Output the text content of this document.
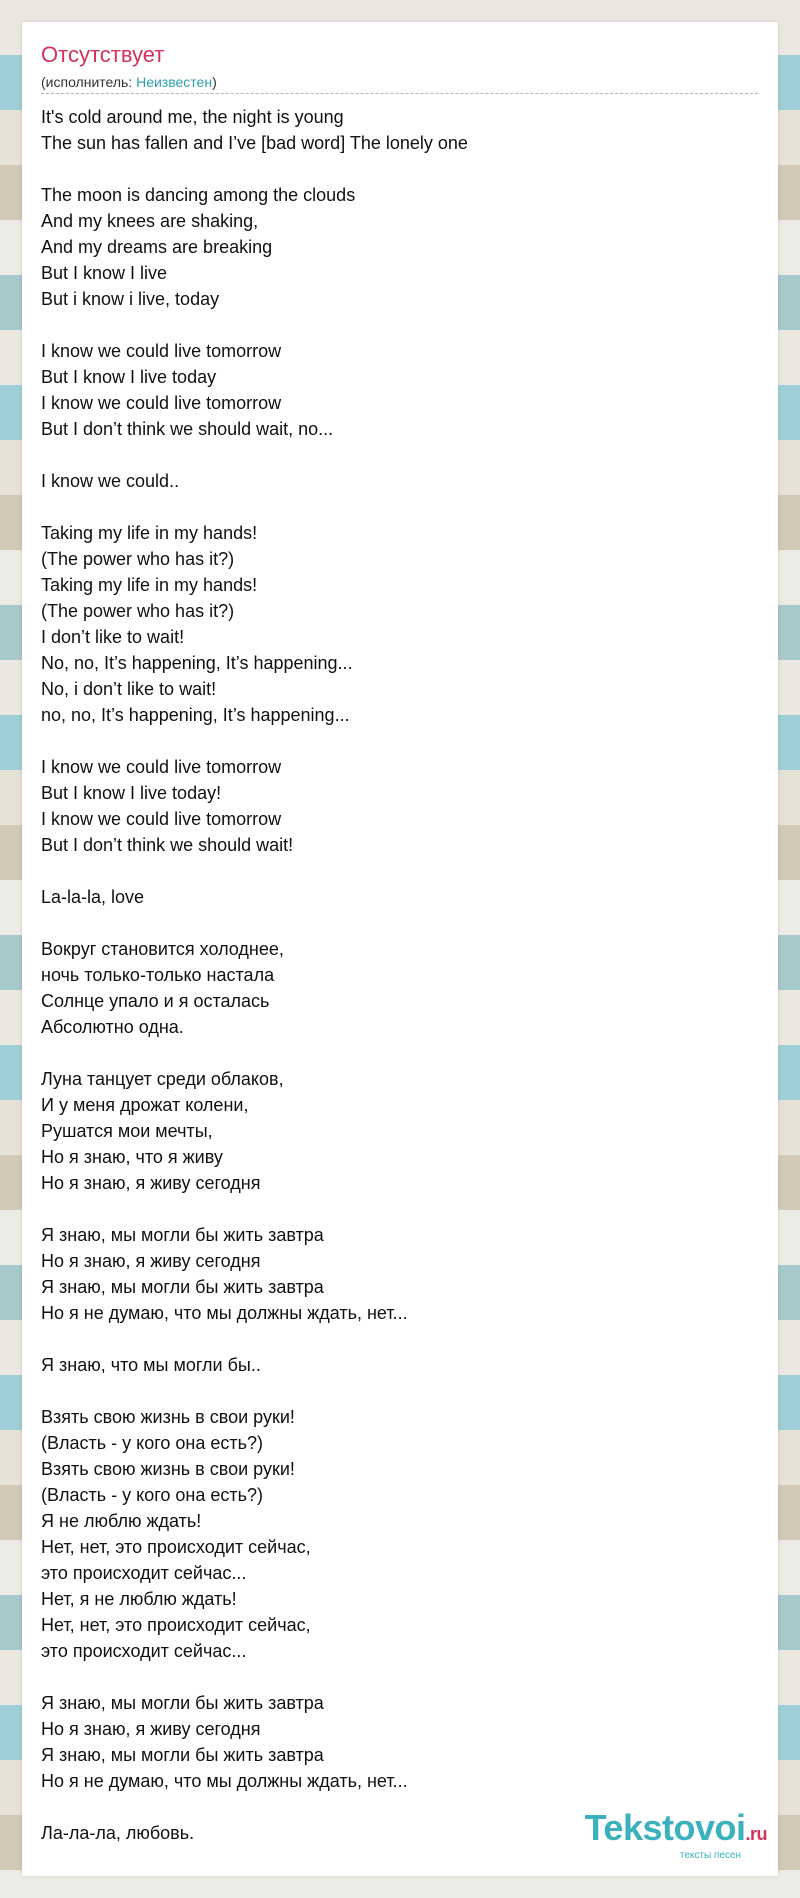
Отсутствует
(исполнитель: Неизвестен)
It's cold around me, the night is young
The sun has fallen and I’ve [bad word] The lonely one
The moon is dancing among the clouds
And my knees are shaking,
And my dreams are breaking
But I know I live
But i know i live, today
I know we could live tomorrow
But I know I live today
I know we could live tomorrow
But I don’t think we should wait, no...
I know we could..
Taking my life in my hands!
(The power who has it?)
Taking my life in my hands!
(The power who has it?)
I don’t like to wait!
No, no, It’s happening, It’s happening...
No, i don’t like to wait!
no, no, It’s happening, It’s happening...
I know we could live tomorrow
But I know I live today!
I know we could live tomorrow
But I don’t think we should wait!
La-la-la, love
Вокруг становится холоднее,
ночь только-только настала
Солнце упало и я осталась
Абсолютно одна.
Луна танцует среди облаков,
И у меня дрожат колени,
Рушатся мои мечты,
Но я знаю, что я живу
Но я знаю, я живу сегодня
Я знаю, мы могли бы жить завтра
Но я знаю, я живу сегодня
Я знаю, мы могли бы жить завтра
Но я не думаю, что мы должны ждать, нет...
Я знаю, что мы могли бы..
Взять свою жизнь в свои руки!
(Власть - у кого она есть?)
Взять свою жизнь в свои руки!
(Власть - у кого она есть?)
Я не люблю ждать!
Нет, нет, это происходит сейчас,
это происходит сейчас...
Нет, я не люблю ждать!
Нет, нет, это происходит сейчас,
это происходит сейчас...
Я знаю, мы могли бы жить завтра
Но я знаю, я живу сегодня
Я знаю, мы могли бы жить завтра
Но я не думаю, что мы должны ждать, нет...
Ла-ла-ла, любовь.	Tekstovoi.ru
тексты песен
